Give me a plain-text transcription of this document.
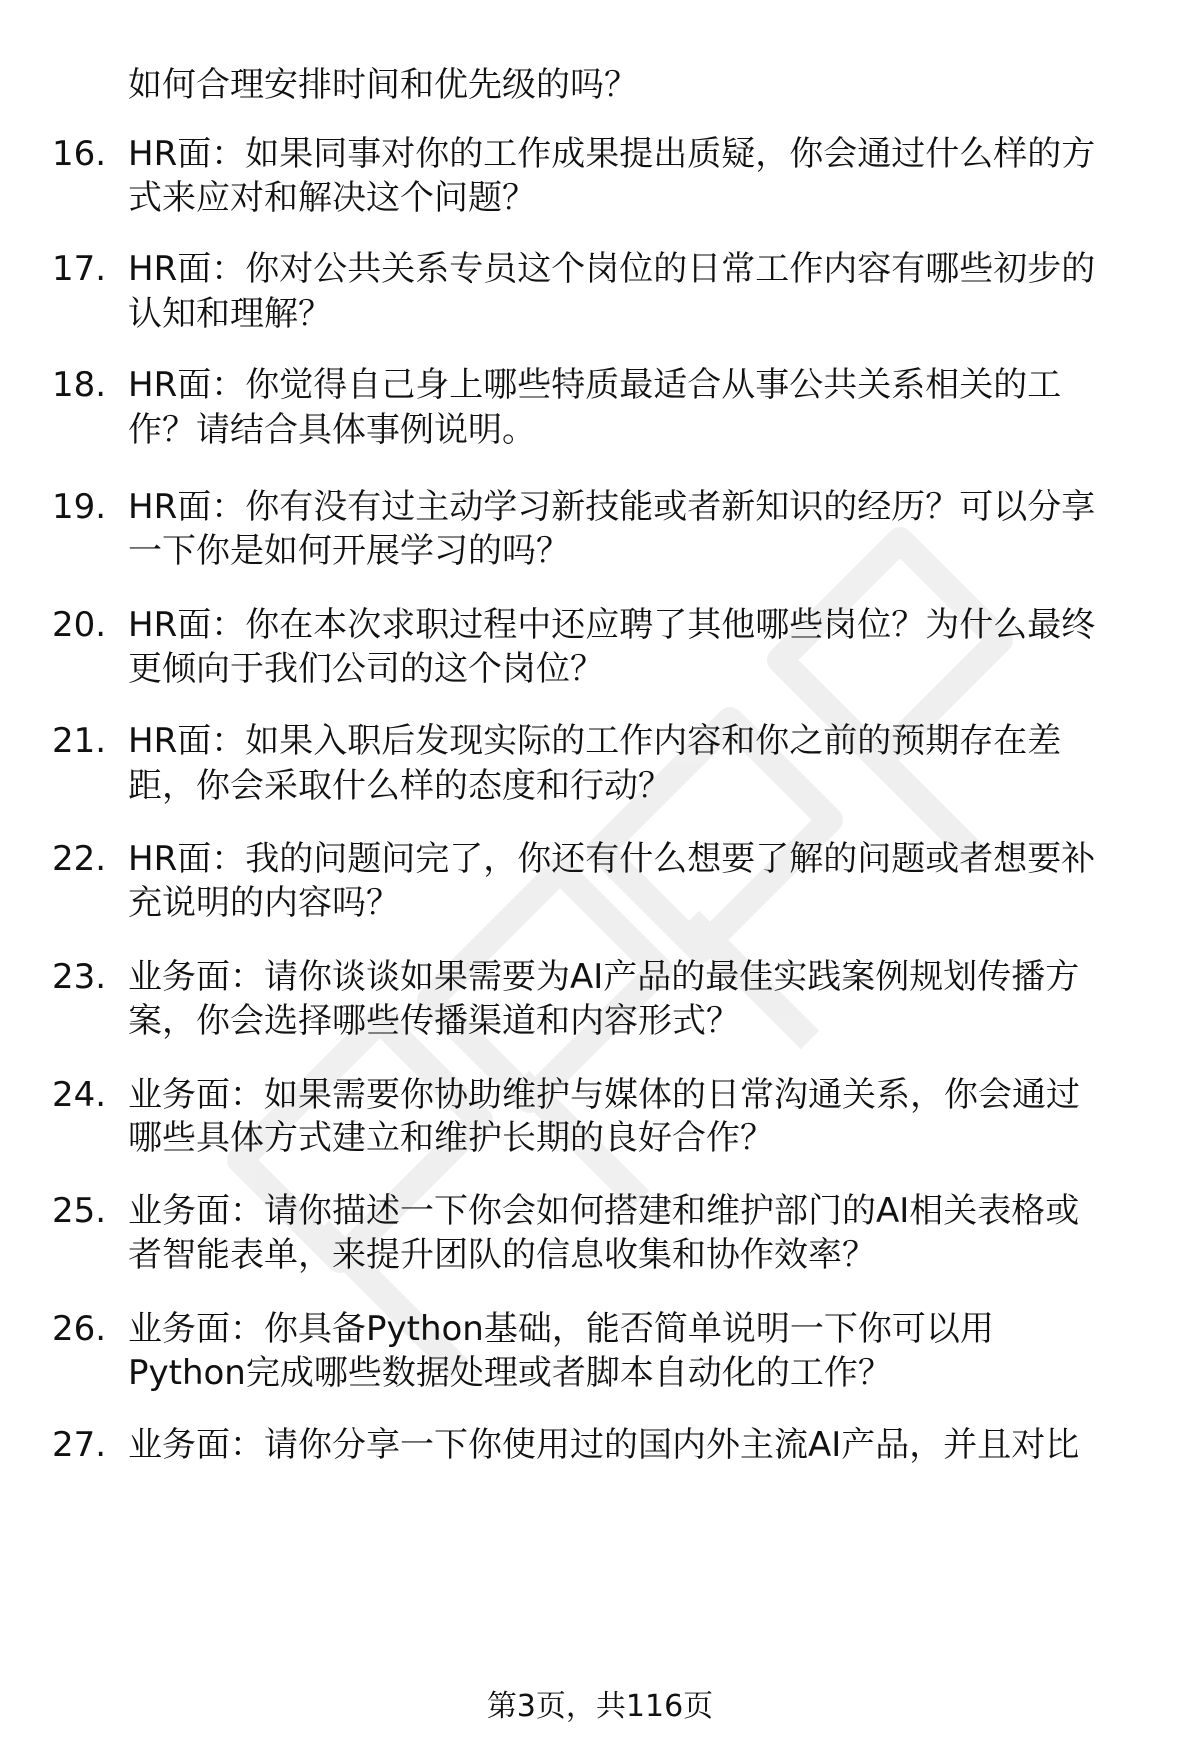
如何合理安排时间和优先级的吗？
16. HR面：如果同事对你的工作成果提出质疑，你会通过什么样的方
式来应对和解决这个问题？
17. HR面：你对公共关系专员这个岗位的日常工作内容有哪些初步的
认知和理解？
18. HR面：你觉得自己身上哪些特质最适合从事公共关系相关的工
作？请结合具体事例说明。
19. HR面：你有没有过主动学习新技能或者新知识的经历？可以分享
一下你是如何开展学习的吗？
20. HR面：你在本次求职过程中还应聘了其他哪些岗位？为什么最终
更倾向于我们公司的这个岗位？
21. HR面：如果入职后发现实际的工作内容和你之前的预期存在差
距，你会采取什么样的态度和行动？
22. HR面：我的问题问完了，你还有什么想要了解的问题或者想要补
充说明的内容吗？
23. 业务面：请你谈谈如果需要为AI产品的最佳实践案例规划传播方
案，你会选择哪些传播渠道和内容形式？
24. 业务面：如果需要你协助维护与媒体的日常沟通关系，你会通过
哪些具体方式建立和维护长期的良好合作？
25. 业务面：请你描述一下你会如何搭建和维护部门的AI相关表格或
者智能表单，来提升团队的信息收集和协作效率？
26. 业务面：你具备Python基础，能否简单说明一下你可以用
Python完成哪些数据处理或者脚本自动化的工作？
27. 业务面：请你分享一下你使用过的国内外主流AI产品，并且对比
第3页，共116页
